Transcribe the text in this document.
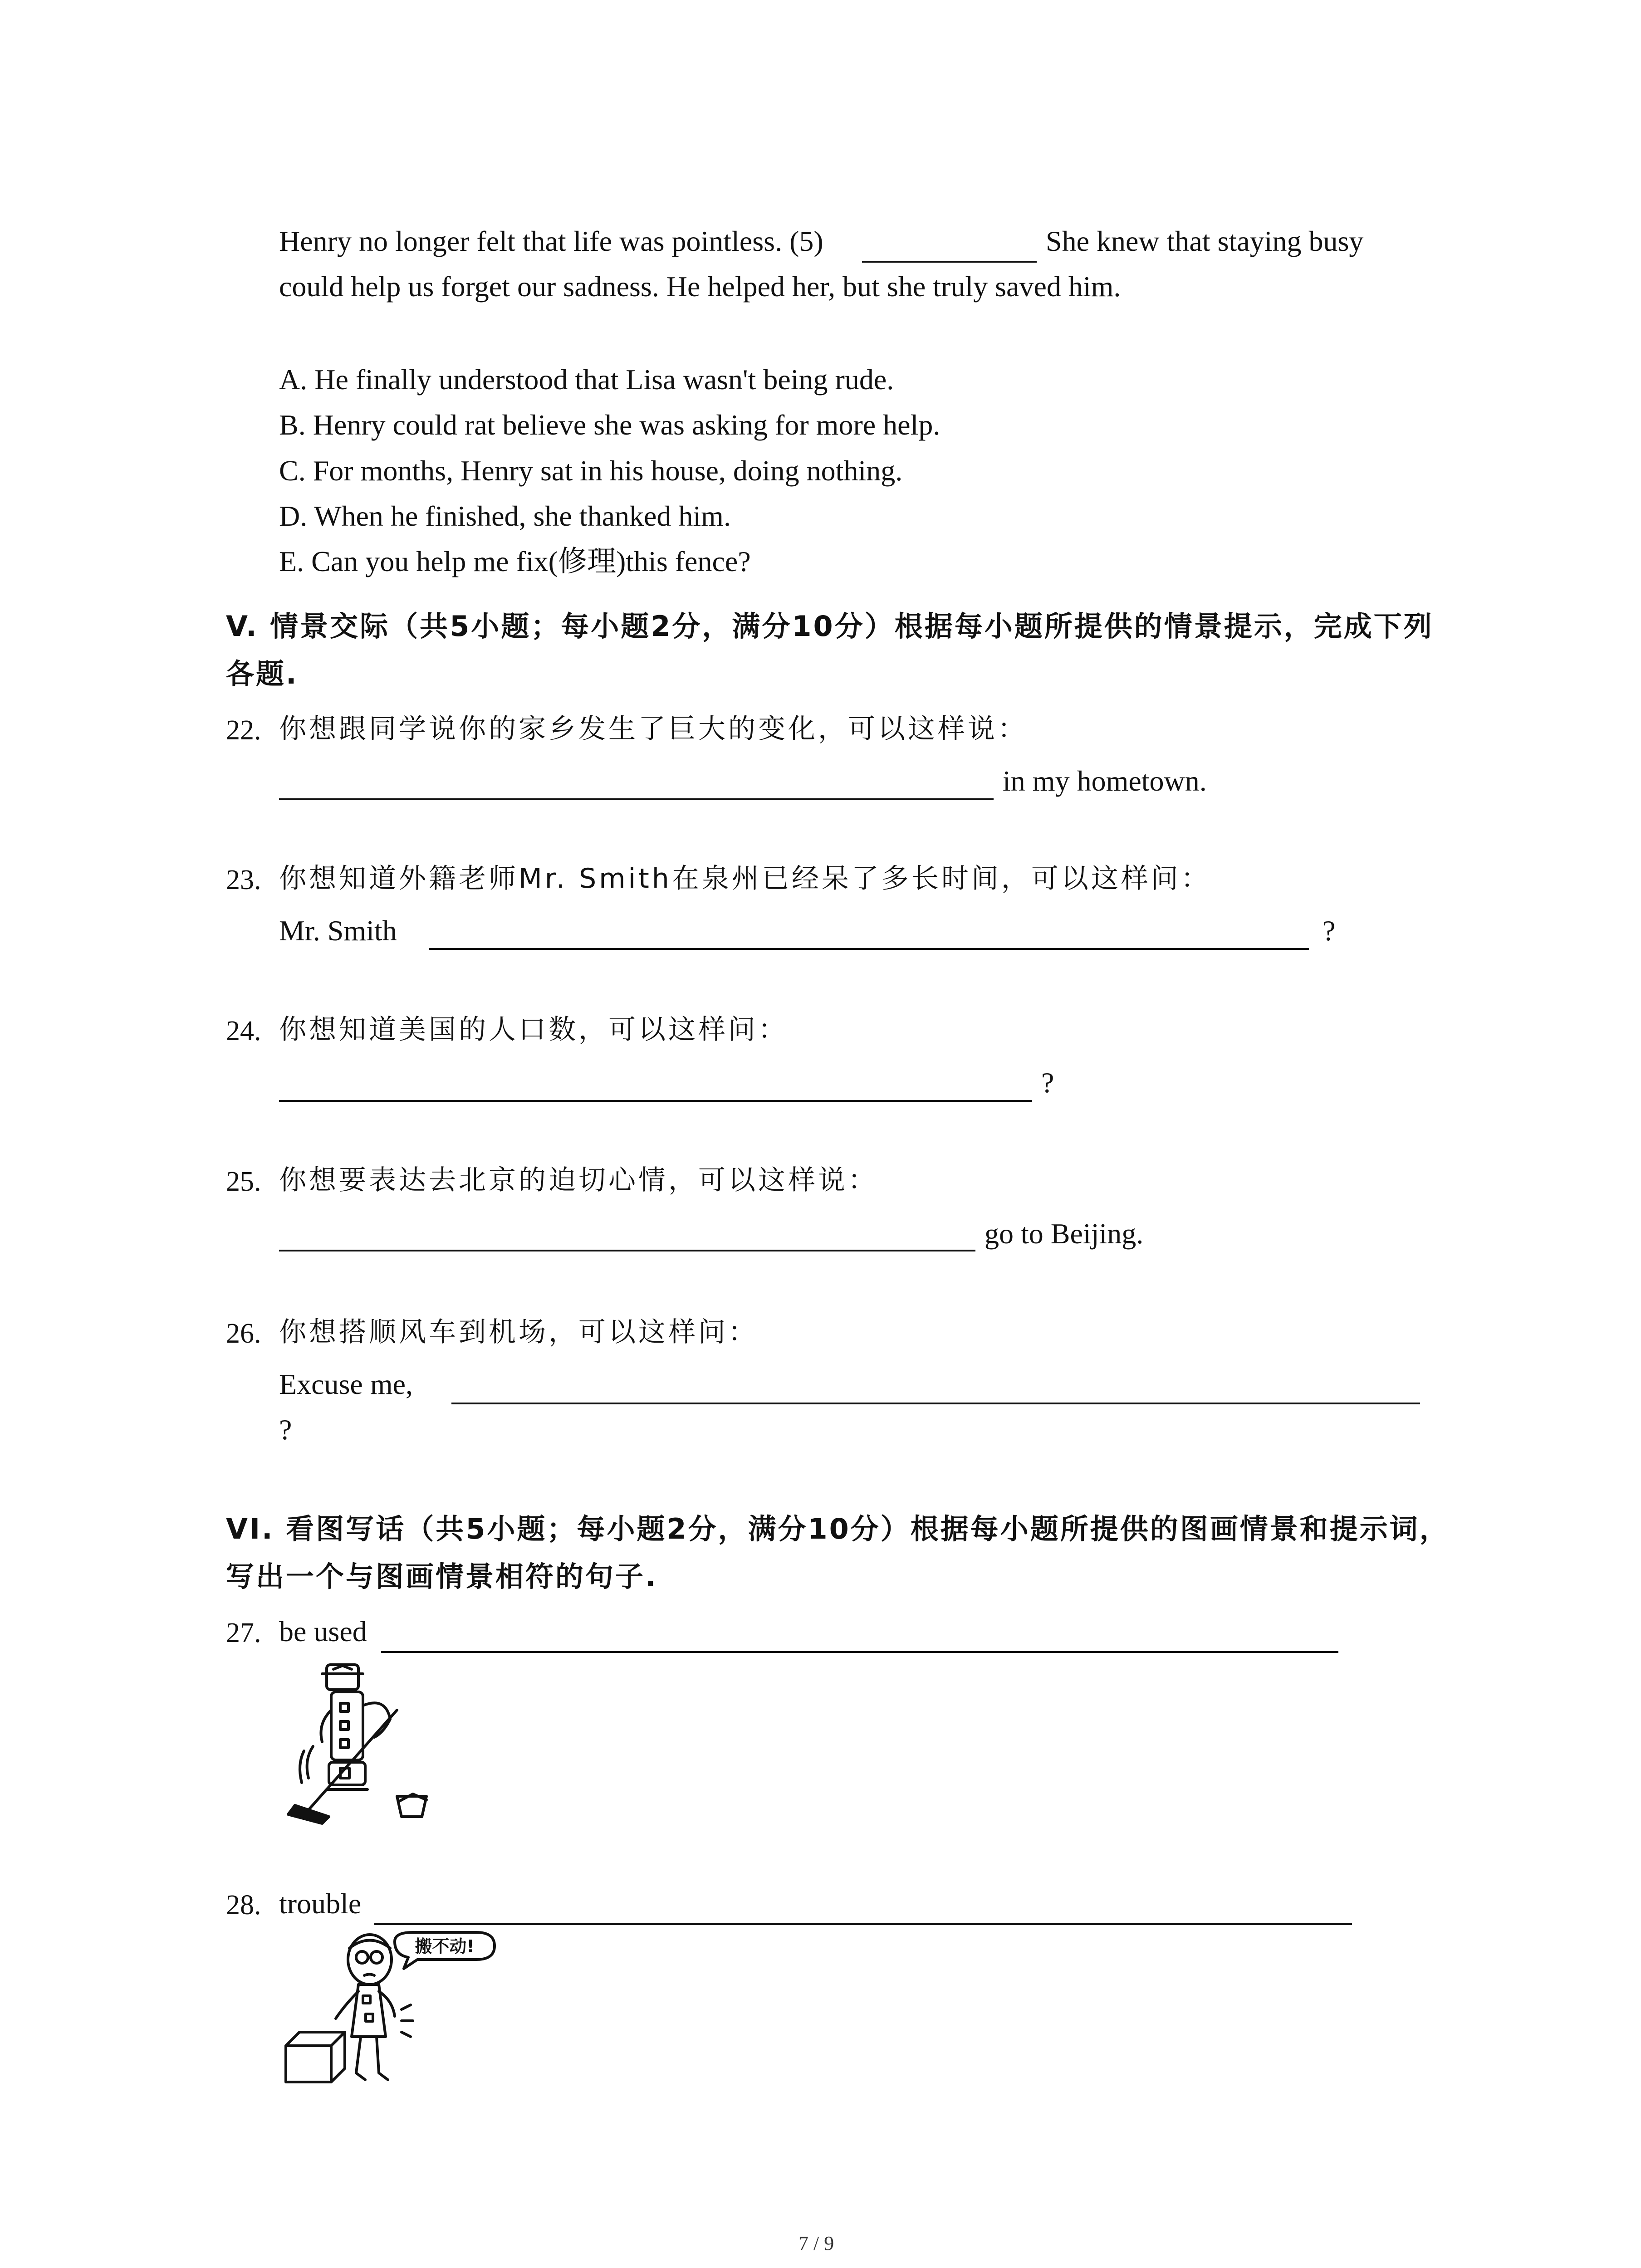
Henry no longer felt that life was pointless. (5)	She knew that staying busy
could help us forget our sadness. He helped her, but she truly saved him.
A. He finally understood that Lisa wasn't being rude.
B. Henry could rat believe she was asking for more help.
C. For months, Henry sat in his house, doing nothing.
D. When he finished, she thanked him.
E. Can you help me fix(修理)this fence?
V. 情景交际（共5小题；每小题2分，满分10分）根据每小题所提供的情景提示，完成下列
各题.
22. 你想跟同学说你的家乡发生了巨大的变化，可以这样说：
in my hometown.
23. 你想知道外籍老师Mr. Smith在泉州已经呆了多长时间，可以这样问：
Mr. Smith	?
24. 你想知道美国的人口数，可以这样问：
?
25. 你想要表达去北京的迫切心情，可以这样说：
go to Beijing.
26. 你想搭顺风车到机场，可以这样问：
Excuse me,
?
VI. 看图写话（共5小题；每小题2分，满分10分）根据每小题所提供的图画情景和提示词，
写出一个与图画情景相符的句子.
27. be used
28. trouble
搬不动!
7 / 9
